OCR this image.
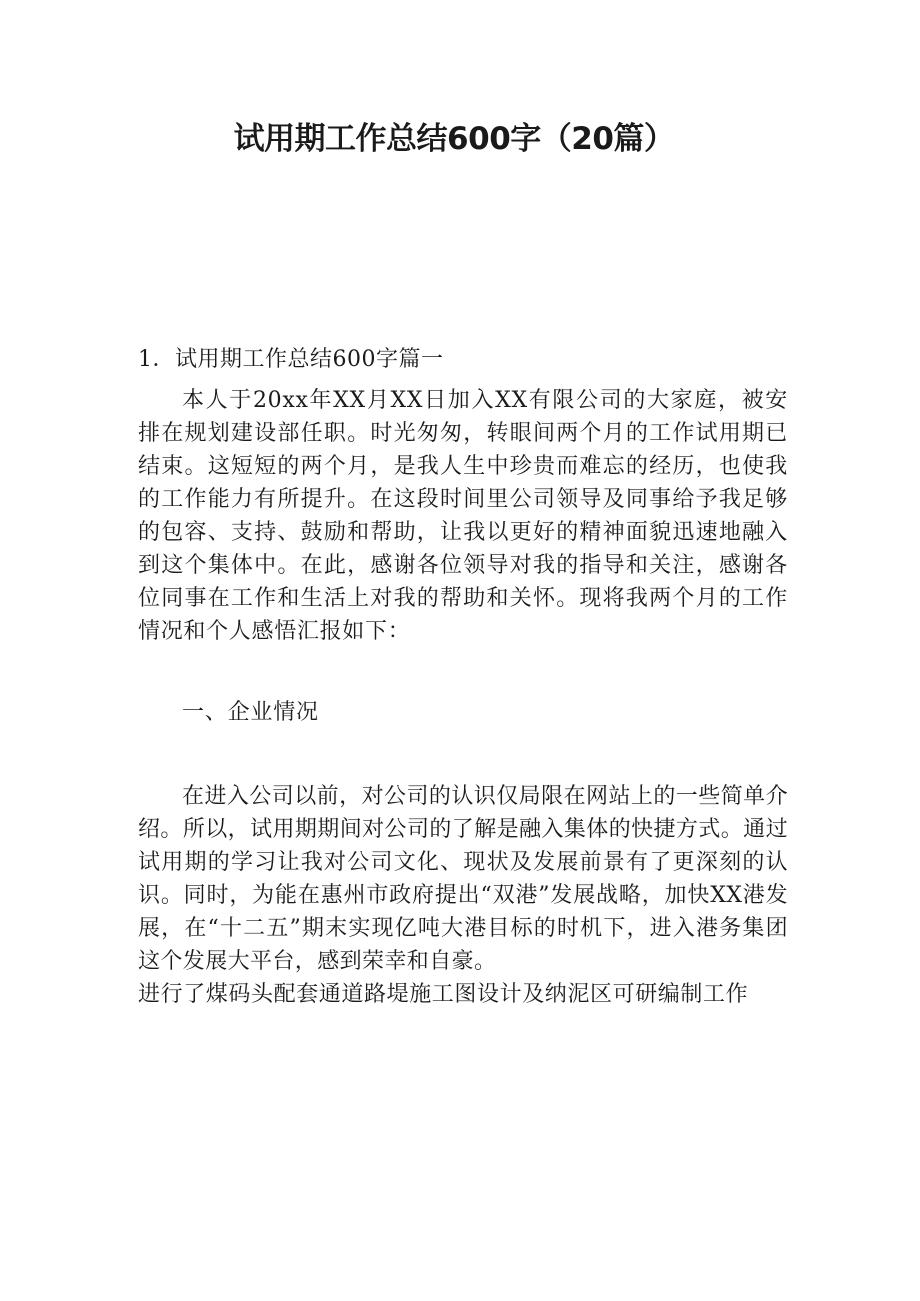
试用期工作总结600字（20篇）
1．试用期工作总结600字篇一

本人于20xx年XX月XX日加入XX有限公司的大家庭，被安排在规划建设部任职。时光匆匆，转眼间两个月的工作试用期已结束。这短短的两个月，是我人生中珍贵而难忘的经历，也使我的工作能力有所提升。在这段时间里公司领导及同事给予我足够的包容、支持、鼓励和帮助，让我以更好的精神面貌迅速地融入到这个集体中。在此，感谢各位领导对我的指导和关注，感谢各位同事在工作和生活上对我的帮助和关怀。现将我两个月的工作情况和个人感悟汇报如下：

一、企业情况

在进入公司以前，对公司的认识仅局限在网站上的一些简单介绍。所以，试用期期间对公司的了解是融入集体的快捷方式。通过试用期的学习让我对公司文化、现状及发展前景有了更深刻的认识。同时，为能在惠州市政府提出“双港”发展战略，加快XX港发展，在“十二五”期末实现亿吨大港目标的时机下，进入港务集团这个发展大平台，感到荣幸和自豪。

进行了煤码头配套通道路堤施工图设计及纳泥区可研编制工作
